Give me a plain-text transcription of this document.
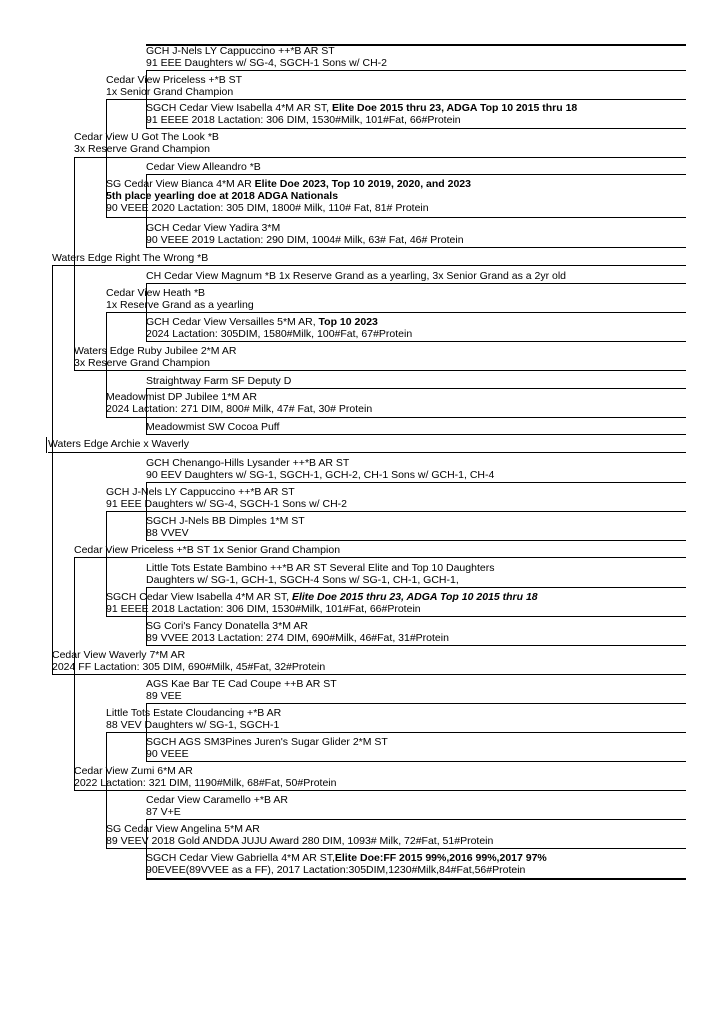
GCH J-Nels LY Cappuccino ++*B AR ST
91 EEE Daughters w/ SG-4, SGCH-1 Sons w/ CH-2
Cedar View Priceless +*B ST
1x Senior Grand Champion
SGCH Cedar View Isabella 4*M AR ST, Elite Doe 2015 thru 23, ADGA Top 10 2015 thru 18
91 EEEE 2018 Lactation: 306 DIM, 1530#Milk, 101#Fat, 66#Protein
Cedar View U Got The Look *B
3x Reserve Grand Champion
Cedar View Alleandro *B
SG Cedar View Bianca 4*M AR Elite Doe 2023, Top 10 2019, 2020, and 2023
5th place yearling doe at 2018 ADGA Nationals
90 VEEE 2020 Lactation: 305 DIM, 1800# Milk, 110# Fat, 81# Protein
GCH Cedar View Yadira 3*M
90 VEEE 2019 Lactation: 290 DIM, 1004# Milk, 63# Fat, 46# Protein
Waters Edge Right The Wrong *B
CH Cedar View Magnum *B 1x Reserve Grand as a yearling, 3x Senior Grand as a 2yr old
Cedar View Heath *B
1x Reserve Grand as a yearling
GCH Cedar View Versailles 5*M AR, Top 10 2023
2024 Lactation: 305DIM, 1580#Milk, 100#Fat, 67#Protein
Waters Edge Ruby Jubilee 2*M AR
3x Reserve Grand Champion
Straightway Farm SF Deputy D
Meadowmist DP Jubilee 1*M AR
2024 Lactation: 271 DIM, 800# Milk, 47# Fat, 30# Protein
Meadowmist SW Cocoa Puff
Waters Edge Archie x Waverly
GCH Chenango-Hills Lysander ++*B AR ST
90 EEV Daughters w/ SG-1, SGCH-1, GCH-2, CH-1 Sons w/ GCH-1, CH-4
GCH J-Nels LY Cappuccino ++*B AR ST
91 EEE Daughters w/ SG-4, SGCH-1 Sons w/ CH-2
SGCH J-Nels BB Dimples 1*M ST
88 VVEV
Cedar View Priceless +*B ST 1x Senior Grand Champion
Little Tots Estate Bambino ++*B AR ST Several Elite and Top 10 Daughters
Daughters w/ SG-1, GCH-1, SGCH-4 Sons w/ SG-1, CH-1, GCH-1,
SGCH Cedar View Isabella 4*M AR ST, Elite Doe 2015 thru 23, ADGA Top 10 2015 thru 18
91 EEEE 2018 Lactation: 306 DIM, 1530#Milk, 101#Fat, 66#Protein
SG Cori's Fancy Donatella 3*M AR
89 VVEE 2013 Lactation: 274 DIM, 690#Milk, 46#Fat, 31#Protein
Cedar View Waverly 7*M AR
2024 FF Lactation: 305 DIM, 690#Milk, 45#Fat, 32#Protein
AGS Kae Bar TE Cad Coupe ++B AR ST
89 VEE
Little Tots Estate Cloudancing +*B AR
88 VEV Daughters w/ SG-1, SGCH-1
SGCH AGS SM3Pines Juren's Sugar Glider 2*M ST
90 VEEE
Cedar View Zumi 6*M AR
2022 Lactation: 321 DIM, 1190#Milk, 68#Fat, 50#Protein
Cedar View Caramello +*B AR
87 V+E
SG Cedar View Angelina 5*M AR
89 VEEV 2018 Gold ANDDA JUJU Award 280 DIM, 1093# Milk, 72#Fat, 51#Protein
SGCH Cedar View Gabriella 4*M AR ST,Elite Doe:FF 2015 99%,2016 99%,2017 97%
90EVEE(89VVEE as a FF), 2017 Lactation:305DIM,1230#Milk,84#Fat,56#Protein
